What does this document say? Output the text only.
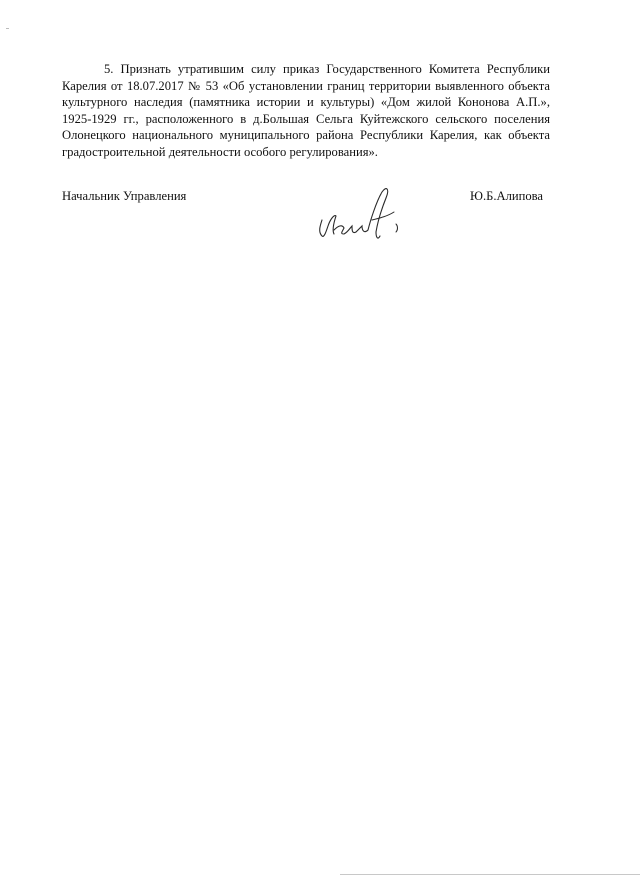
5. Признать утратившим силу приказ Государственного Комитета Республики Карелия от 18.07.2017 № 53 «Об установлении границ территории выявленного объекта культурного наследия (памятника истории и культуры) «Дом жилой Кононова А.П.», 1925-1929 гг., расположенного в д.Большая Сельга Куйтежского сельского поселения Олонецкого национального муниципального района Республики Карелия, как объекта градостроительной деятельности особого регулирования».

Начальник Управления	Ю.Б.Алипова
